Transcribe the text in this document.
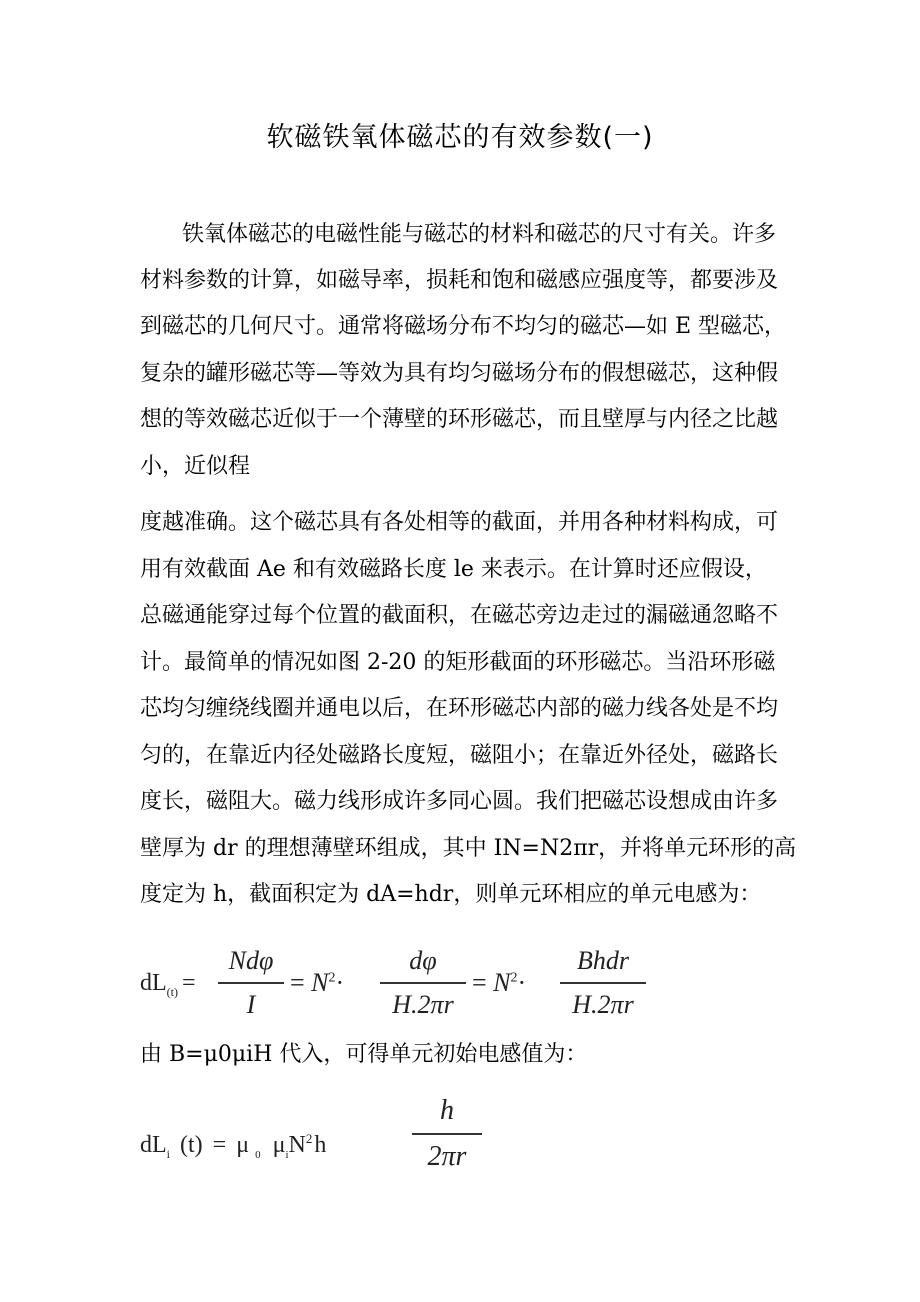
软磁铁氧体磁芯的有效参数(一)
铁氧体磁芯的电磁性能与磁芯的材料和磁芯的尺寸有关。许多
材料参数的计算，如磁导率，损耗和饱和磁感应强度等，都要涉及
到磁芯的几何尺寸。通常将磁场分布不均匀的磁芯—如 E 型磁芯，
复杂的罐形磁芯等—等效为具有均匀磁场分布的假想磁芯，这种假
想的等效磁芯近似于一个薄壁的环形磁芯，而且壁厚与内径之比越
小，近似程
度越准确。这个磁芯具有各处相等的截面，并用各种材料构成，可
用有效截面 Ae 和有效磁路长度 le 来表示。在计算时还应假设，
总磁通能穿过每个位置的截面积，在磁芯旁边走过的漏磁通忽略不
计。最简单的情况如图 2-20 的矩形截面的环形磁芯。当沿环形磁
芯均匀缠绕线圈并通电以后，在环形磁芯内部的磁力线各处是不均
匀的，在靠近内径处磁路长度短，磁阻小；在靠近外径处，磁路长
度长，磁阻大。磁力线形成许多同心圆。我们把磁芯设想成由许多
壁厚为 dr 的理想薄壁环组成，其中 IN=N2πr，并将单元环形的高
度定为 h，截面积定为 dA=hdr，则单元环相应的单元电感为：
$dL_{(t)}$ =
Ndφ
I
= $N^2\cdot$
dφ
H.2πr
= $N^2\cdot$
Bhdr
H.2πr
由 B=μ0μiH 代入，可得单元初始电感值为：
$dL_i$ (t) = μ $_0$ $\mu_iN^2h$
h
2πr
